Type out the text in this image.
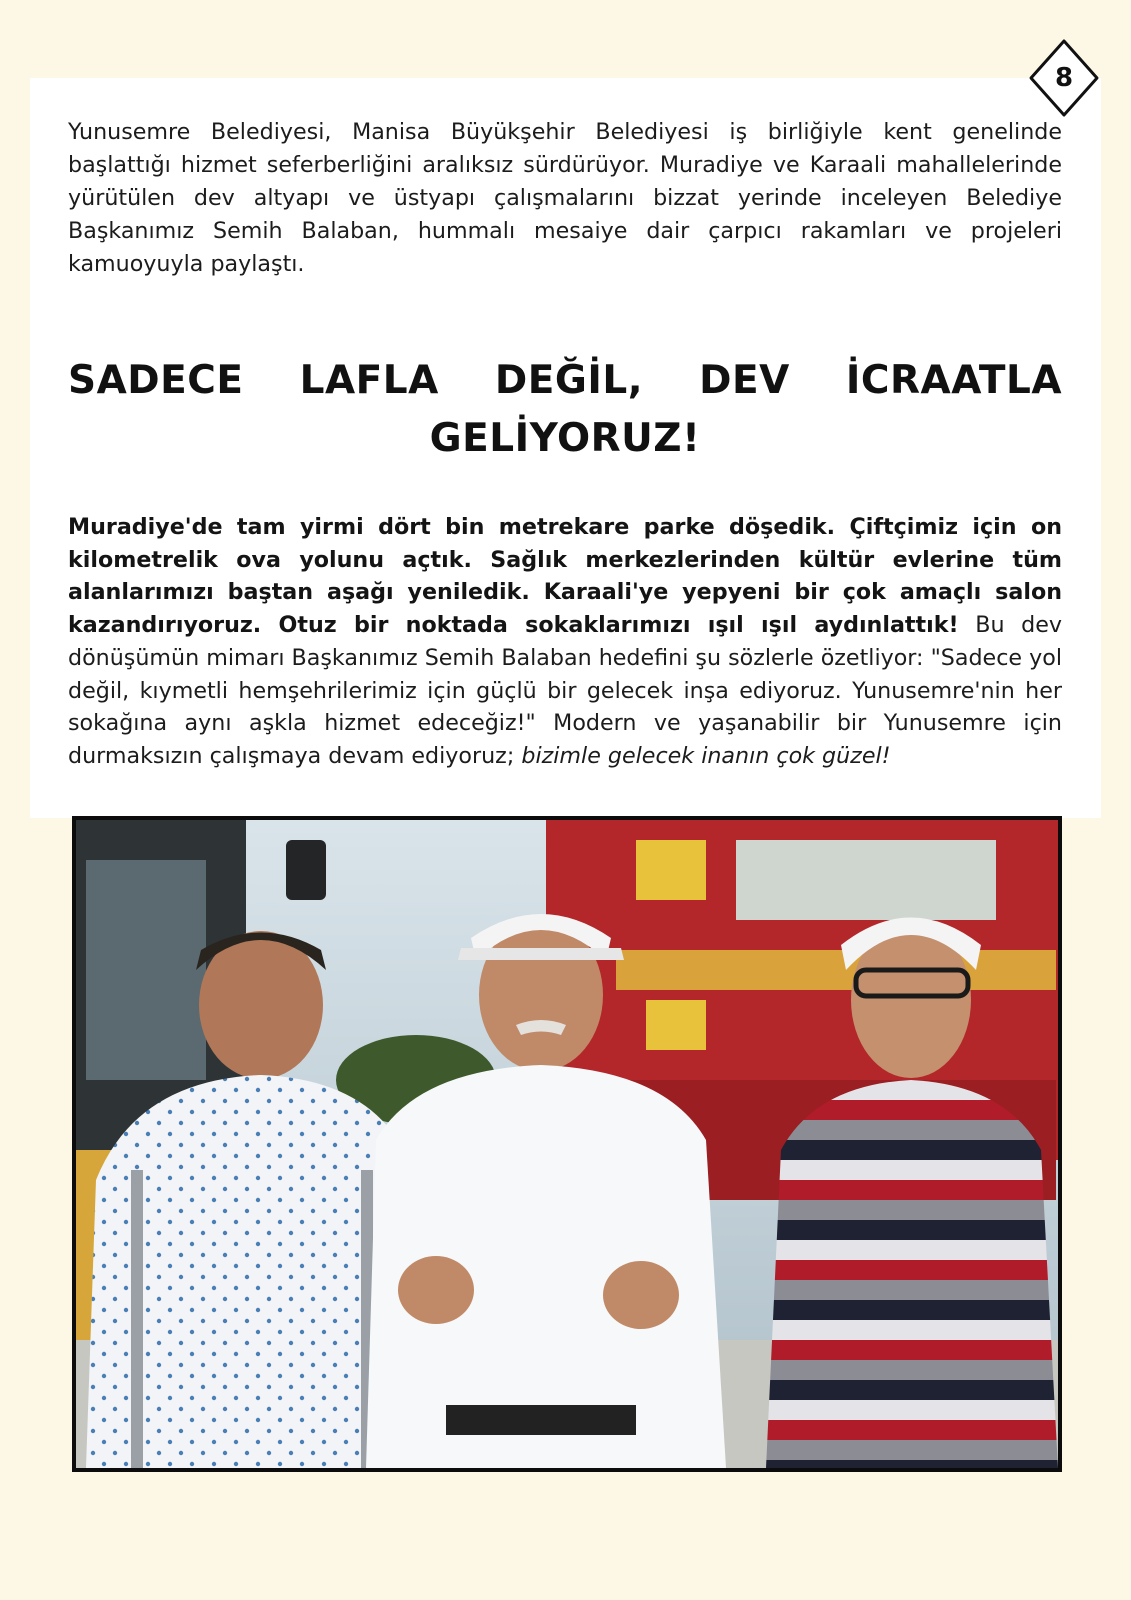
8

Yunusemre Belediyesi, Manisa Büyükşehir Belediyesi iş birliğiyle kent genelinde başlattığı hizmet seferberliğini aralıksız sürdürüyor. Muradiye ve Karaali mahallelerinde yürütülen dev altyapı ve üstyapı çalışmalarını bizzat yerinde inceleyen Belediye Başkanımız Semih Balaban, hummalı mesaiye dair çarpıcı rakamları ve projeleri kamuoyuyla paylaştı.

SADECE LAFLA DEĞİL, DEV İCRAATLA GELİYORUZ!

Muradiye'de tam yirmi dört bin metrekare parke döşedik. Çiftçimiz için on kilometrelik ova yolunu açtık. Sağlık merkezlerinden kültür evlerine tüm alanlarımızı baştan aşağı yeniledik. Karaali'ye yepyeni bir çok amaçlı salon kazandırıyoruz. Otuz bir noktada sokaklarımızı ışıl ışıl aydınlattık! Bu dev dönüşümün mimarı Başkanımız Semih Balaban hedefini şu sözlerle özetliyor: "Sadece yol değil, kıymetli hemşehrilerimiz için güçlü bir gelecek inşa ediyoruz. Yunusemre'nin her sokağına aynı aşkla hizmet edeceğiz!" Modern ve yaşanabilir bir Yunusemre için durmaksızın çalışmaya devam ediyoruz; bizimle gelecek inanın çok güzel!
